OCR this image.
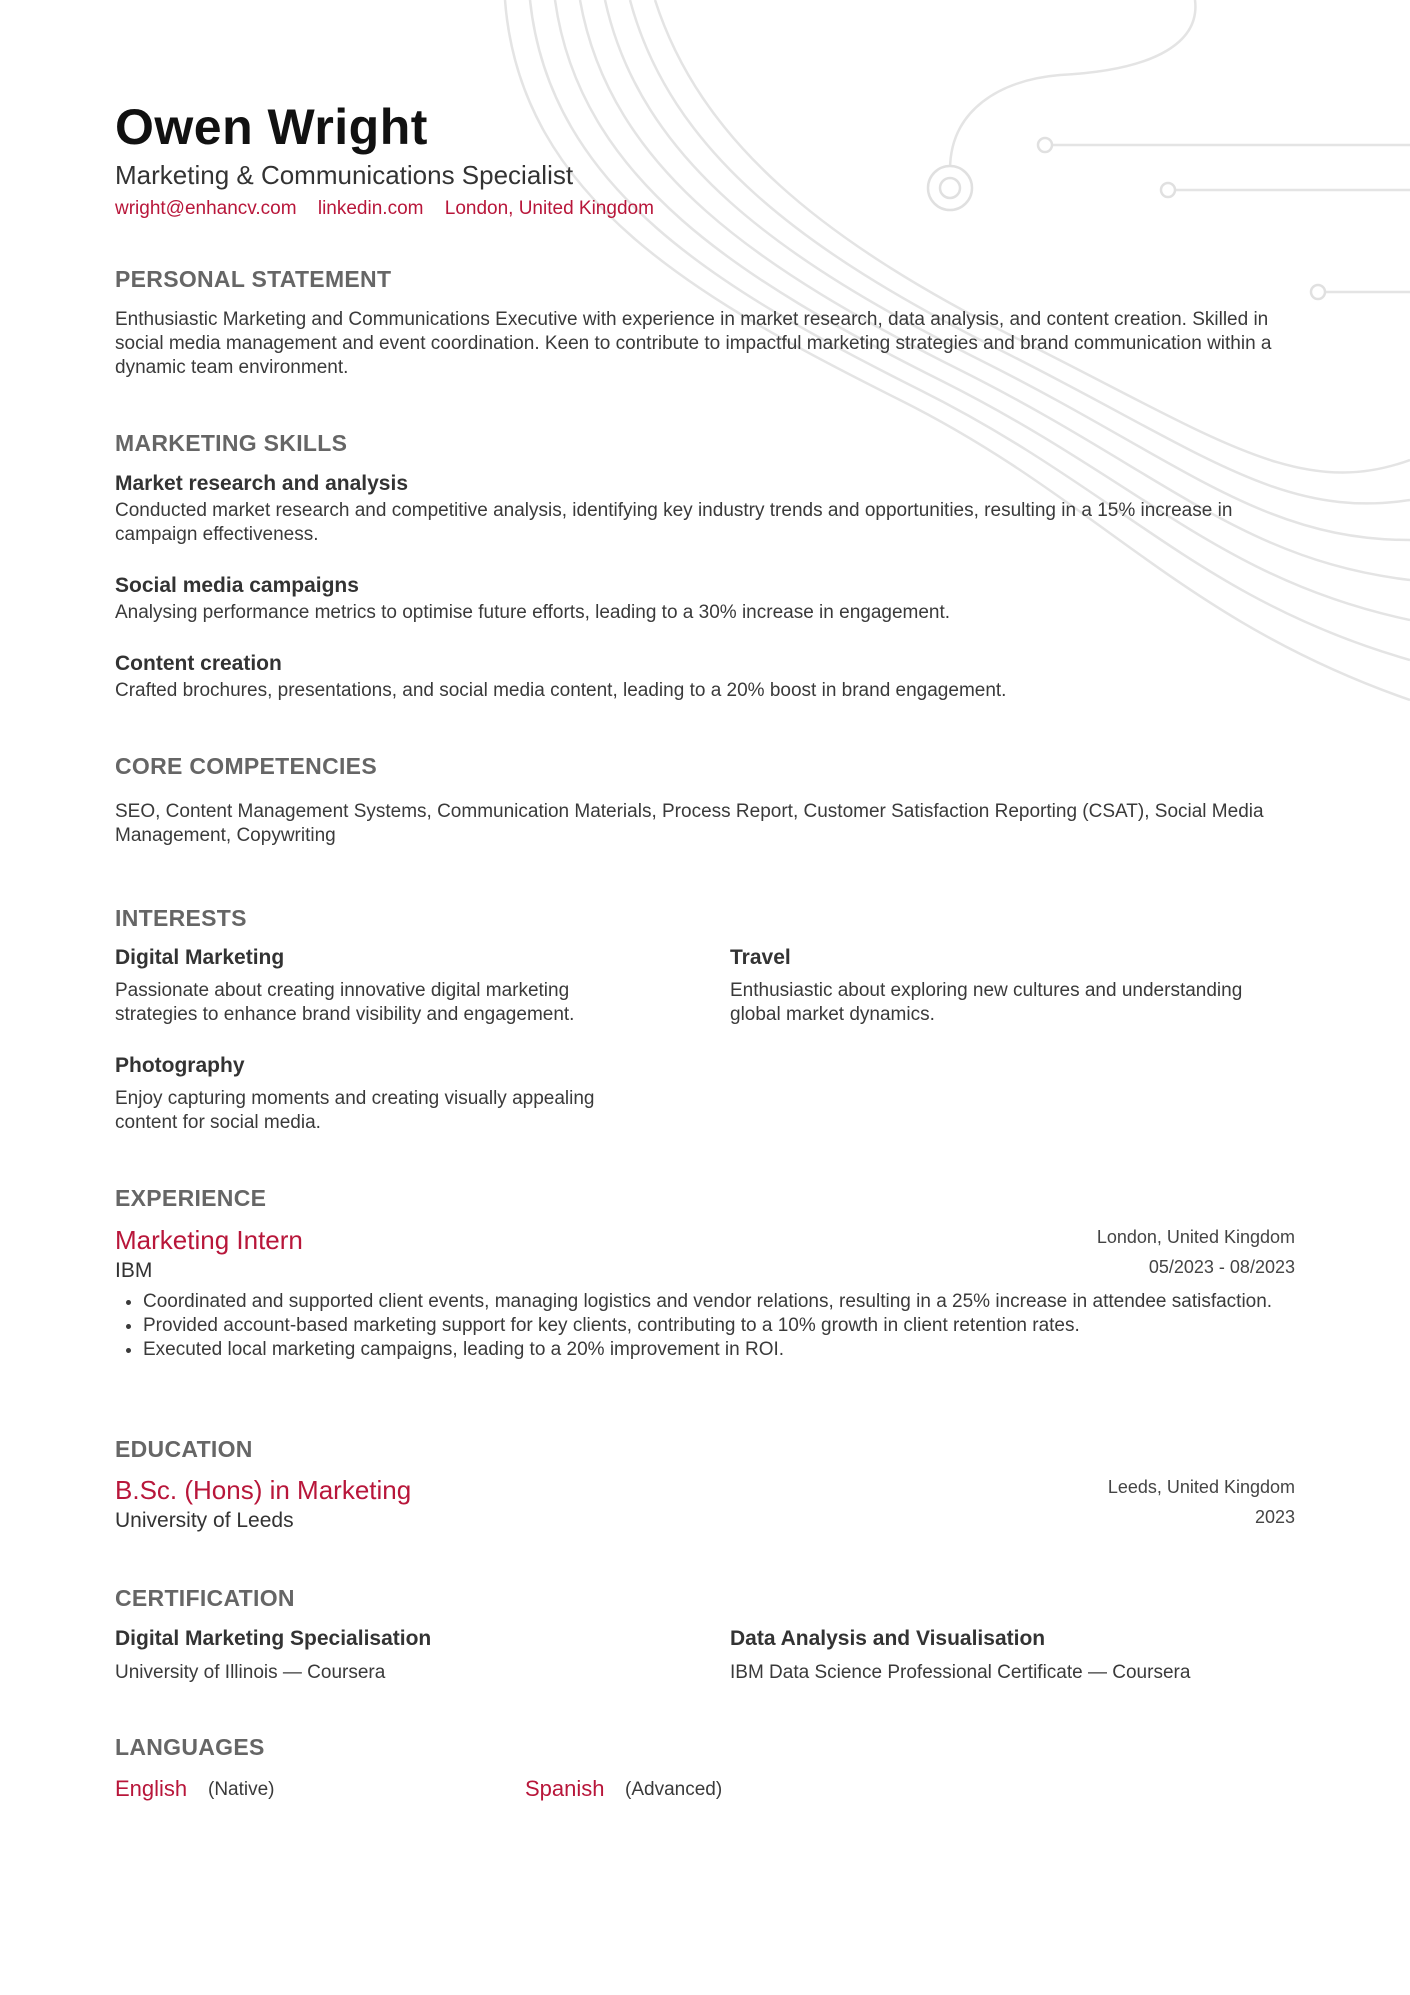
Owen Wright
Marketing & Communications Specialist
wright@enhancv.com linkedin.com London, United Kingdom
PERSONAL STATEMENT
Enthusiastic Marketing and Communications Executive with experience in market research, data analysis, and content creation. Skilled in social media management and event coordination. Keen to contribute to impactful marketing strategies and brand communication within a dynamic team environment.
MARKETING SKILLS
Market research and analysis
Conducted market research and competitive analysis, identifying key industry trends and opportunities, resulting in a 15% increase in campaign effectiveness.
Social media campaigns
Analysing performance metrics to optimise future efforts, leading to a 30% increase in engagement.
Content creation
Crafted brochures, presentations, and social media content, leading to a 20% boost in brand engagement.
CORE COMPETENCIES
SEO, Content Management Systems, Communication Materials, Process Report, Customer Satisfaction Reporting (CSAT), Social Media Management, Copywriting
INTERESTS
Digital Marketing
Passionate about creating innovative digital marketing strategies to enhance brand visibility and engagement.
Travel
Enthusiastic about exploring new cultures and understanding global market dynamics.
Photography
Enjoy capturing moments and creating visually appealing content for social media.
EXPERIENCE
Marketing Intern
IBM
London, United Kingdom
05/2023 - 08/2023
• Coordinated and supported client events, managing logistics and vendor relations, resulting in a 25% increase in attendee satisfaction.
• Provided account-based marketing support for key clients, contributing to a 10% growth in client retention rates.
• Executed local marketing campaigns, leading to a 20% improvement in ROI.
EDUCATION
B.Sc. (Hons) in Marketing
University of Leeds
Leeds, United Kingdom
2023
CERTIFICATION
Digital Marketing Specialisation
University of Illinois — Coursera
Data Analysis and Visualisation
IBM Data Science Professional Certificate — Coursera
LANGUAGES
English (Native)	Spanish (Advanced)
